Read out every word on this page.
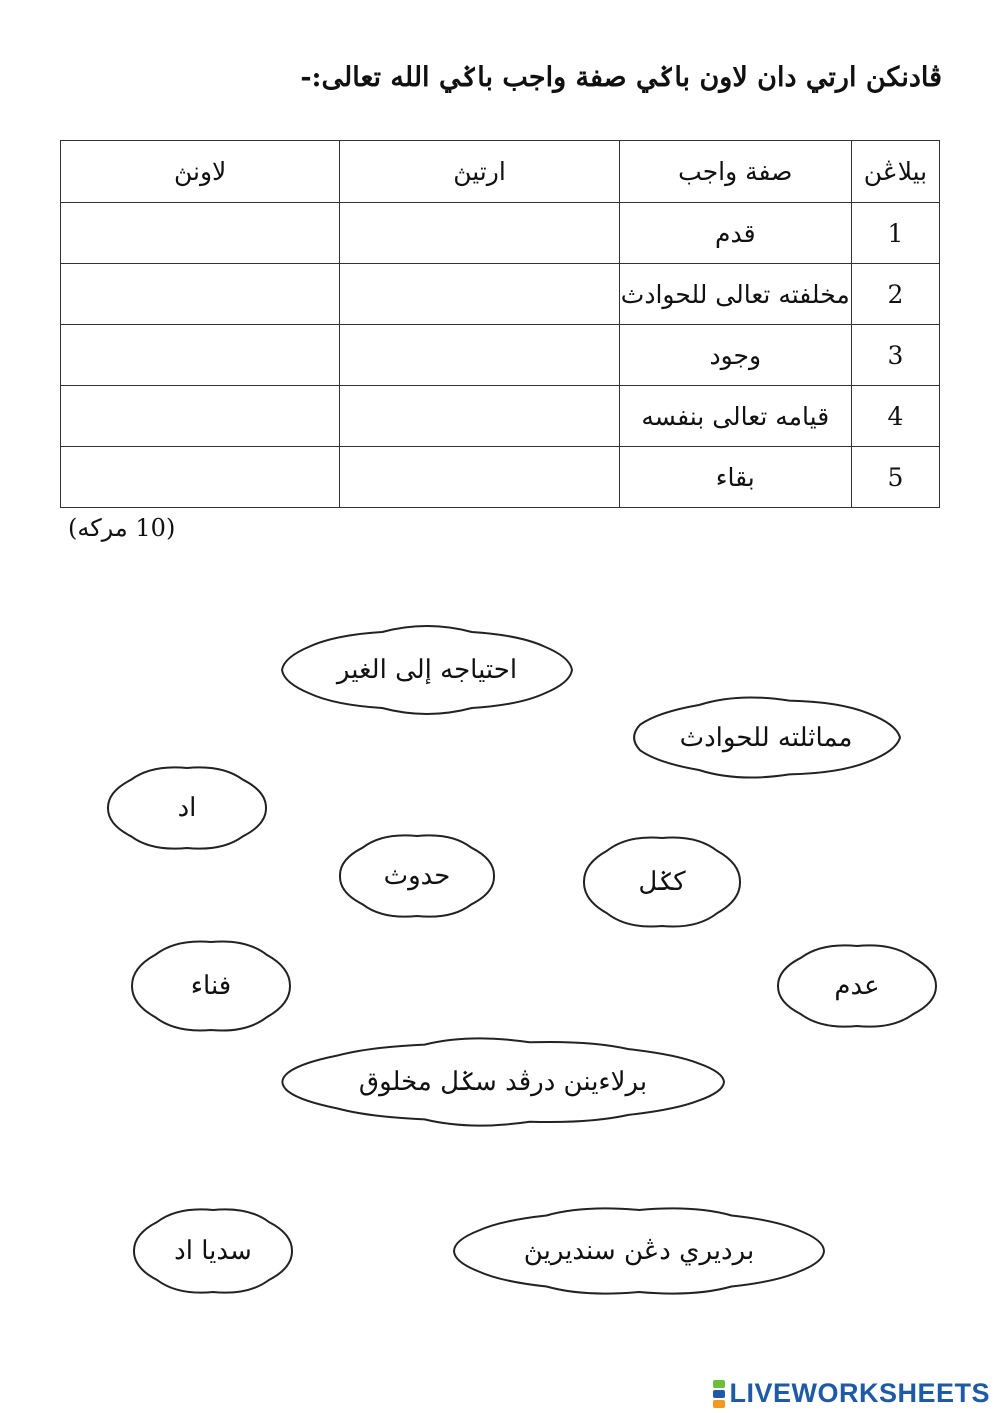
ڤادنكن ارتي دان لاون باݢي صفة واجب باݢي الله تعالى:-
بيلاڠن	صفة واجب	ارتيڽ	لاونڽ
1	قدم		
2	مخلفته تعالى للحوادث		
3	وجود		
4	قيامه تعالى بنفسه		
5	بقاء		
(10 مركه)
احتياجه إلى الغير
مماثلته للحوادث
اد
حدوث	كݢل
فناء	عدم
برلاءينن درڤد سݢل مخلوق
سديا اد	برديري دڠن سنديريڽ
LIVEWORKSHEETS
